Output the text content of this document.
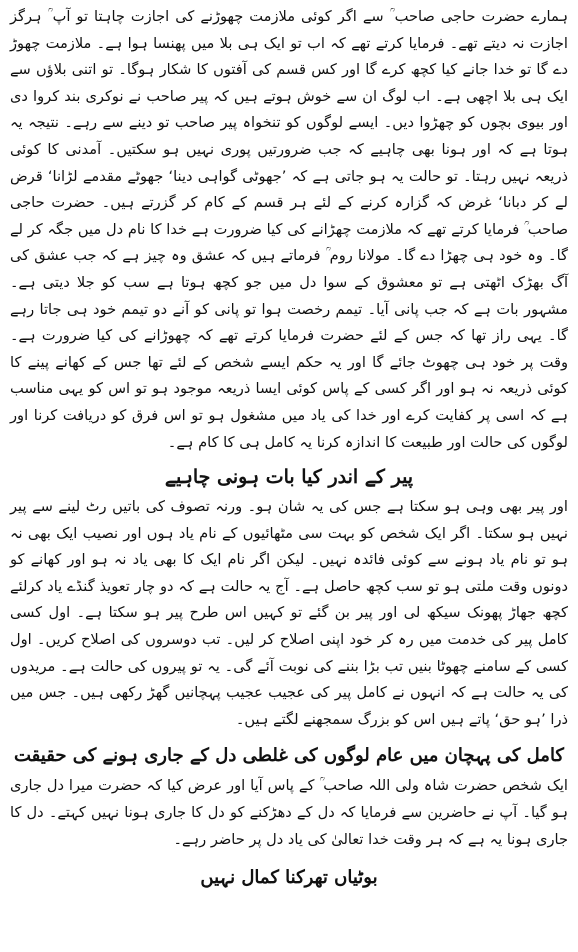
ہمارے حضرت حاجی صاحب ؒ سے اگر کوئی ملازمت چھوڑنے کی اجازت چاہتا تو آپ ؒ ہرگز اجازت نہ دیتے تھے۔ فرمایا کرتے تھے کہ اب تو ایک ہی بلا میں پھنسا ہوا ہے۔ ملازمت چھوڑ دے گا تو خدا جانے کیا کچھ کرے گا اور کس قسم کی آفتوں کا شکار ہوگا۔ تو اتنی بلاؤں سے ایک ہی بلا اچھی ہے۔ اب لوگ ان سے خوش ہوتے ہیں کہ پیر صاحب نے نوکری بند کروا دی اور بیوی بچوں کو چھڑوا دیں۔ ایسے لوگوں کو تنخواہ پیر صاحب تو دینے سے رہے۔ نتیجہ یہ ہوتا ہے کہ اور ہونا بھی چاہیے کہ جب ضرورتیں پوری نہیں ہو سکتیں۔ آمدنی کا کوئی ذریعہ نہیں رہتا۔ تو حالت یہ ہو جاتی ہے کہ ’جھوٹی گواہی دینا‘ جھوٹے مقدمے لڑانا‘ قرض لے کر دبانا‘ غرض کہ گزارہ کرنے کے لئے ہر قسم کے کام کر گزرتے ہیں۔ حضرت حاجی صاحب ؒ فرمایا کرتے تھے کہ ملازمت چھڑانے کی کیا ضرورت ہے خدا کا نام دل میں جگہ کر لے گا۔ وہ خود ہی چھڑا دے گا۔ مولانا روم ؒ فرماتے ہیں کہ عشق وہ چیز ہے کہ جب عشق کی آگ بھڑک اٹھتی ہے تو معشوق کے سوا دل میں جو کچھ ہوتا ہے سب کو جلا دیتی ہے۔ مشہور بات ہے کہ جب پانی آیا۔ تیمم رخصت ہوا تو پانی کو آنے دو تیمم خود ہی جاتا رہے گا۔ یہی راز تھا کہ جس کے لئے حضرت فرمایا کرتے تھے کہ چھوڑانے کی کیا ضرورت ہے۔ وقت پر خود ہی چھوٹ جائے گا اور یہ حکم ایسے شخص کے لئے تھا جس کے کھانے پینے کا کوئی ذریعہ نہ ہو اور اگر کسی کے پاس کوئی ایسا ذریعہ موجود ہو تو اس کو یہی مناسب ہے کہ اسی پر کفایت کرے اور خدا کی یاد میں مشغول ہو تو اس فرق کو دریافت کرنا اور لوگوں کی حالت اور طبیعت کا اندازہ کرنا یہ کامل ہی کا کام ہے۔

پیر کے اندر کیا بات ہونی چاہیے

اور پیر بھی وہی ہو سکتا ہے جس کی یہ شان ہو۔ ورنہ تصوف کی باتیں رٹ لینے سے پیر نہیں ہو سکتا۔ اگر ایک شخص کو بہت سی مٹھائیوں کے نام یاد ہوں اور نصیب ایک بھی نہ ہو تو نام یاد ہونے سے کوئی فائدہ نہیں۔ لیکن اگر نام ایک کا بھی یاد نہ ہو اور کھانے کو دونوں وقت ملتی ہو تو سب کچھ حاصل ہے۔ آج یہ حالت ہے کہ دو چار تعویذ گنڈے یاد کرلئے کچھ جھاڑ پھونک سیکھ لی اور پیر بن گئے تو کہیں اس طرح پیر ہو سکتا ہے۔ اول کسی کامل پیر کی خدمت میں رہ کر خود اپنی اصلاح کر لیں۔ تب دوسروں کی اصلاح کریں۔ اول کسی کے سامنے چھوٹا بنیں تب بڑا بننے کی نوبت آئے گی۔ یہ تو پیروں کی حالت ہے۔ مریدوں کی یہ حالت ہے کہ انہوں نے کامل پیر کی عجیب عجیب پہچانیں گھڑ رکھی ہیں۔ جس میں ذرا ’ہو حق‘ پاتے ہیں اس کو بزرگ سمجھنے لگتے ہیں۔

کامل کی پہچان میں عام لوگوں کی غلطی دل کے جاری ہونے کی حقیقت

ایک شخص حضرت شاہ ولی اللہ صاحب ؒ کے پاس آیا اور عرض کیا کہ حضرت میرا دل جاری ہو گیا۔ آپ نے حاضرین سے فرمایا کہ دل کے دھڑکنے کو دل کا جاری ہونا نہیں کہتے۔ دل کا جاری ہونا یہ ہے کہ ہر وقت خدا تعالیٰ کی یاد دل پر حاضر رہے۔

بوٹیاں تھرکنا کمال نہیں
